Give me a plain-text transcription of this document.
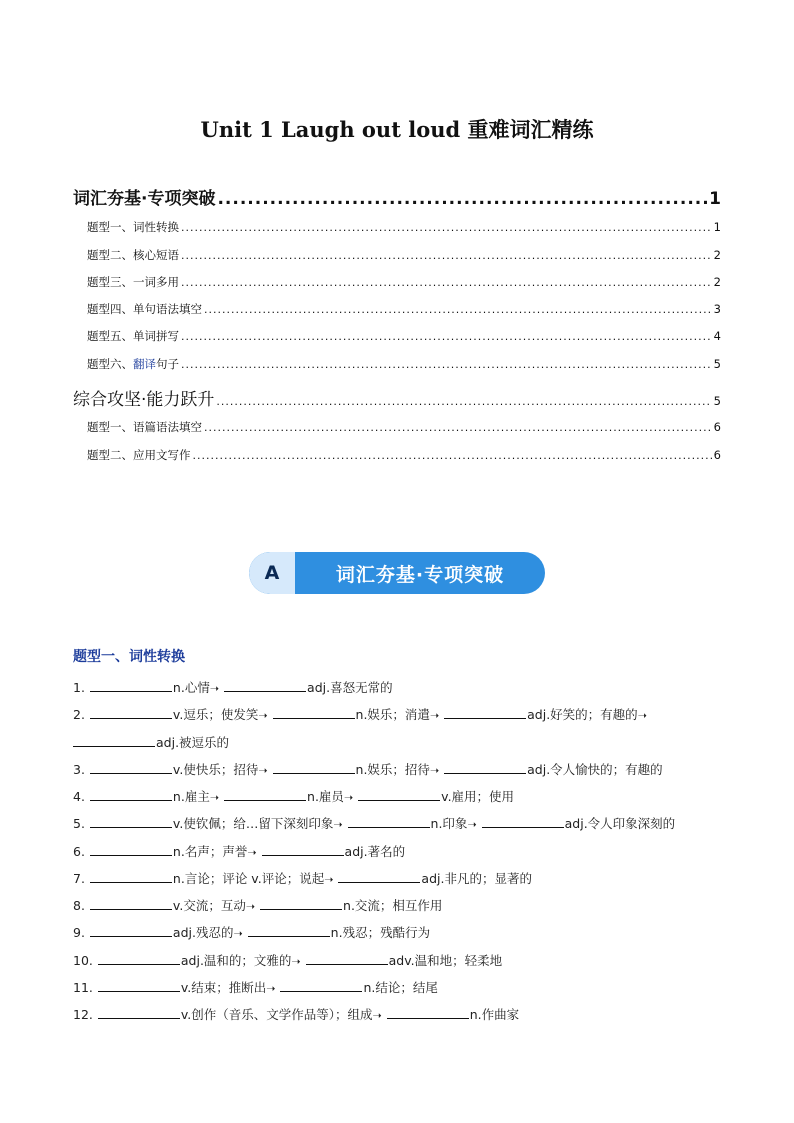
Unit 1 Laugh out loud 重难词汇精练
词汇夯基·专项突破 .....	1
题型一、词性转换 .....	1
题型二、核心短语 .....	2
题型三、一词多用 .....	2
题型四、单句语法填空 .....	3
题型五、单词拼写 .....	4
题型六、翻译句子 .....	5
综合攻坚·能力跃升 .....	5
题型一、语篇语法填空 .....	6
题型二、应用文写作 .....	6
A	词汇夯基·专项突破
题型一、词性转换
1.	n.心情➝	adj.喜怒无常的
2.	v.逗乐；使发笑➝	n.娱乐；消遣➝	adj.好笑的；有趣的➝
adj.被逗乐的
3.	v.使快乐；招待➝	n.娱乐；招待➝	adj.令人愉快的；有趣的
4.	n.雇主➝	n.雇员➝	v.雇用；使用
5.	v.使钦佩；给…留下深刻印象➝	n.印象➝	adj.令人印象深刻的
6.	n.名声；声誉➝	adj.著名的
7.	n.言论；评论 v.评论；说起➝	adj.非凡的；显著的
8.	v.交流；互动➝	n.交流；相互作用
9.	adj.残忍的➝	n.残忍；残酷行为
10.	adj.温和的；文雅的➝	adv.温和地；轻柔地
11.	v.结束；推断出➝	n.结论；结尾
12.	v.创作（音乐、文学作品等）；组成➝	n.作曲家
